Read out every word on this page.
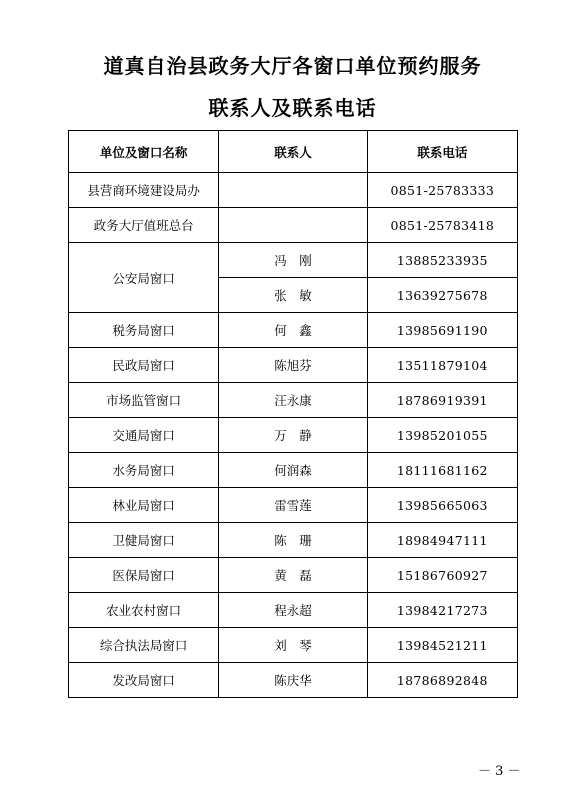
道真自治县政务大厅各窗口单位预约服务
联系人及联系电话
单位及窗口名称	联系人	联系电话
县营商环境建设局办		0851-25783333
政务大厅值班总台		0851-25783418
公安局窗口	冯　刚	13885233935
	张　敏	13639275678
税务局窗口	何　鑫	13985691190
民政局窗口	陈旭芬	13511879104
市场监管窗口	汪永康	18786919391
交通局窗口	万　静	13985201055
水务局窗口	何润森	18111681162
林业局窗口	雷雪莲	13985665063
卫健局窗口	陈　珊	18984947111
医保局窗口	黄　磊	15186760927
农业农村窗口	程永超	13984217273
综合执法局窗口	刘　琴	13984521211
发改局窗口	陈庆华	18786892848
－ 3 －
